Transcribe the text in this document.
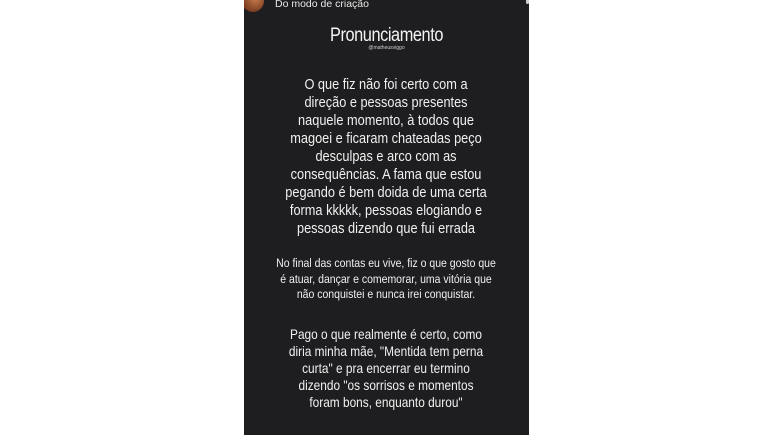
Do modo de criação
Pronunciamento
@matheusviggo
O que fiz não foi certo com a direção e pessoas presentes naquele momento, à todos que magoei e ficaram chateadas peço desculpas e arco com as consequências. A fama que estou pegando é bem doida de uma certa forma kkkkk, pessoas elogiando e pessoas dizendo que fui errada
No final das contas eu vive, fiz o que gosto que é atuar, dançar e comemorar, uma vitória que não conquistei e nunca irei conquistar.
Pago o que realmente é certo, como diria minha mãe, "Mentida tem perna curta" e pra encerrar eu termino dizendo "os sorrisos e momentos foram bons, enquanto durou"
